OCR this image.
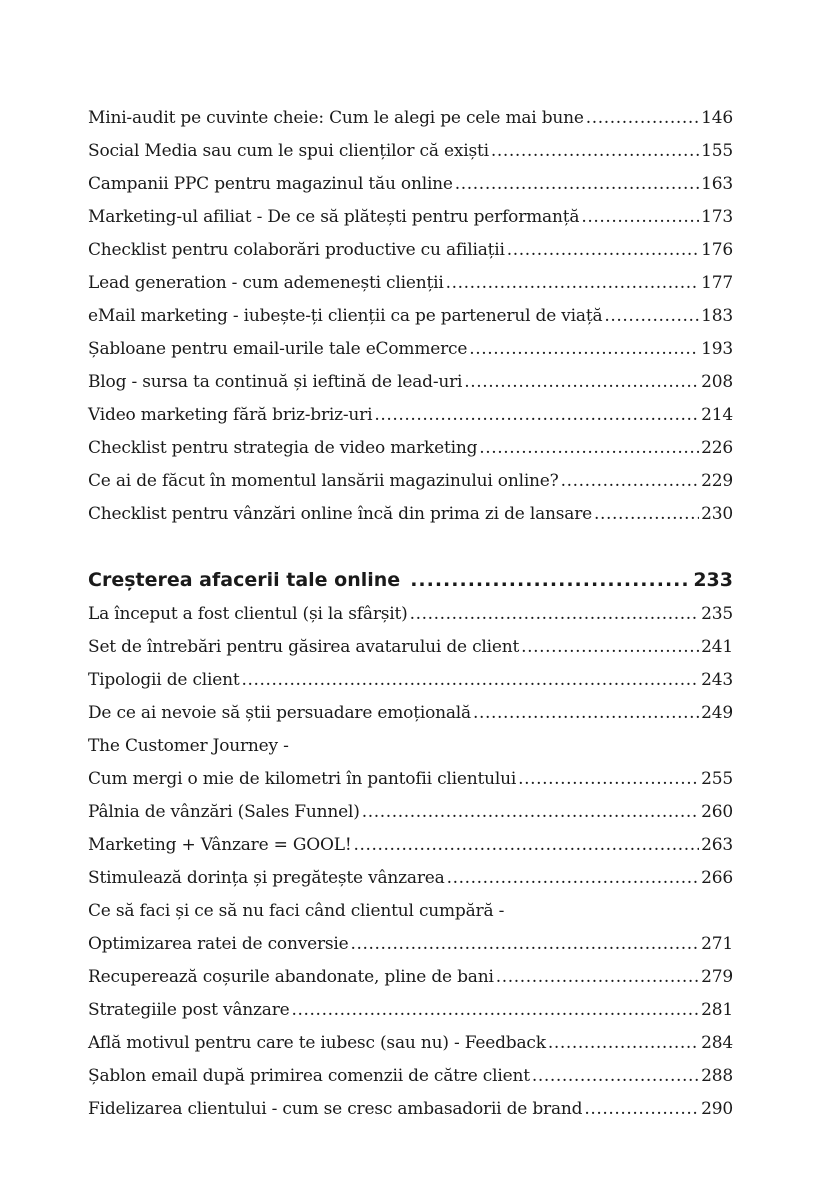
Mini-audit pe cuvinte cheie: Cum le alegi pe cele mai bune .....	146
Social Media sau cum le spui clienților că exiști .....	155
Campanii PPC pentru magazinul tău online .....	163
Marketing-ul afiliat - De ce să plătești pentru performanță .....	173
Checklist pentru colaborări productive cu afiliații .....	176
Lead generation - cum ademenești clienții .....	177
eMail marketing - iubește-ți clienții ca pe partenerul de viață .....	183
Șabloane pentru email-urile tale eCommerce .....	193
Blog - sursa ta continuă și ieftină de lead-uri .....	208
Video marketing fără briz-briz-uri .....	214
Checklist pentru strategia de video marketing .....	226
Ce ai de făcut în momentul lansării magazinului online? .....	229
Checklist pentru vânzări online încă din prima zi de lansare .....	230
Creșterea afacerii tale online .....	233
La început a fost clientul (și la sfârșit) .....	235
Set de întrebări pentru găsirea avatarului de client .....	241
Tipologii de client .....	243
De ce ai nevoie să știi persuadare emoțională .....	249
The Customer Journey -
Cum mergi o mie de kilometri în pantofii clientului .....	255
Pâlnia de vânzări (Sales Funnel) .....	260
Marketing + Vânzare = GOOL! .....	263
Stimulează dorința și pregătește vânzarea .....	266
Ce să faci și ce să nu faci când clientul cumpără -
Optimizarea ratei de conversie .....	271
Recuperează coșurile abandonate, pline de bani .....	279
Strategiile post vânzare .....	281
Află motivul pentru care te iubesc (sau nu) - Feedback .....	284
Șablon email după primirea comenzii de către client .....	288
Fidelizarea clientului - cum se cresc ambasadorii de brand .....	290
